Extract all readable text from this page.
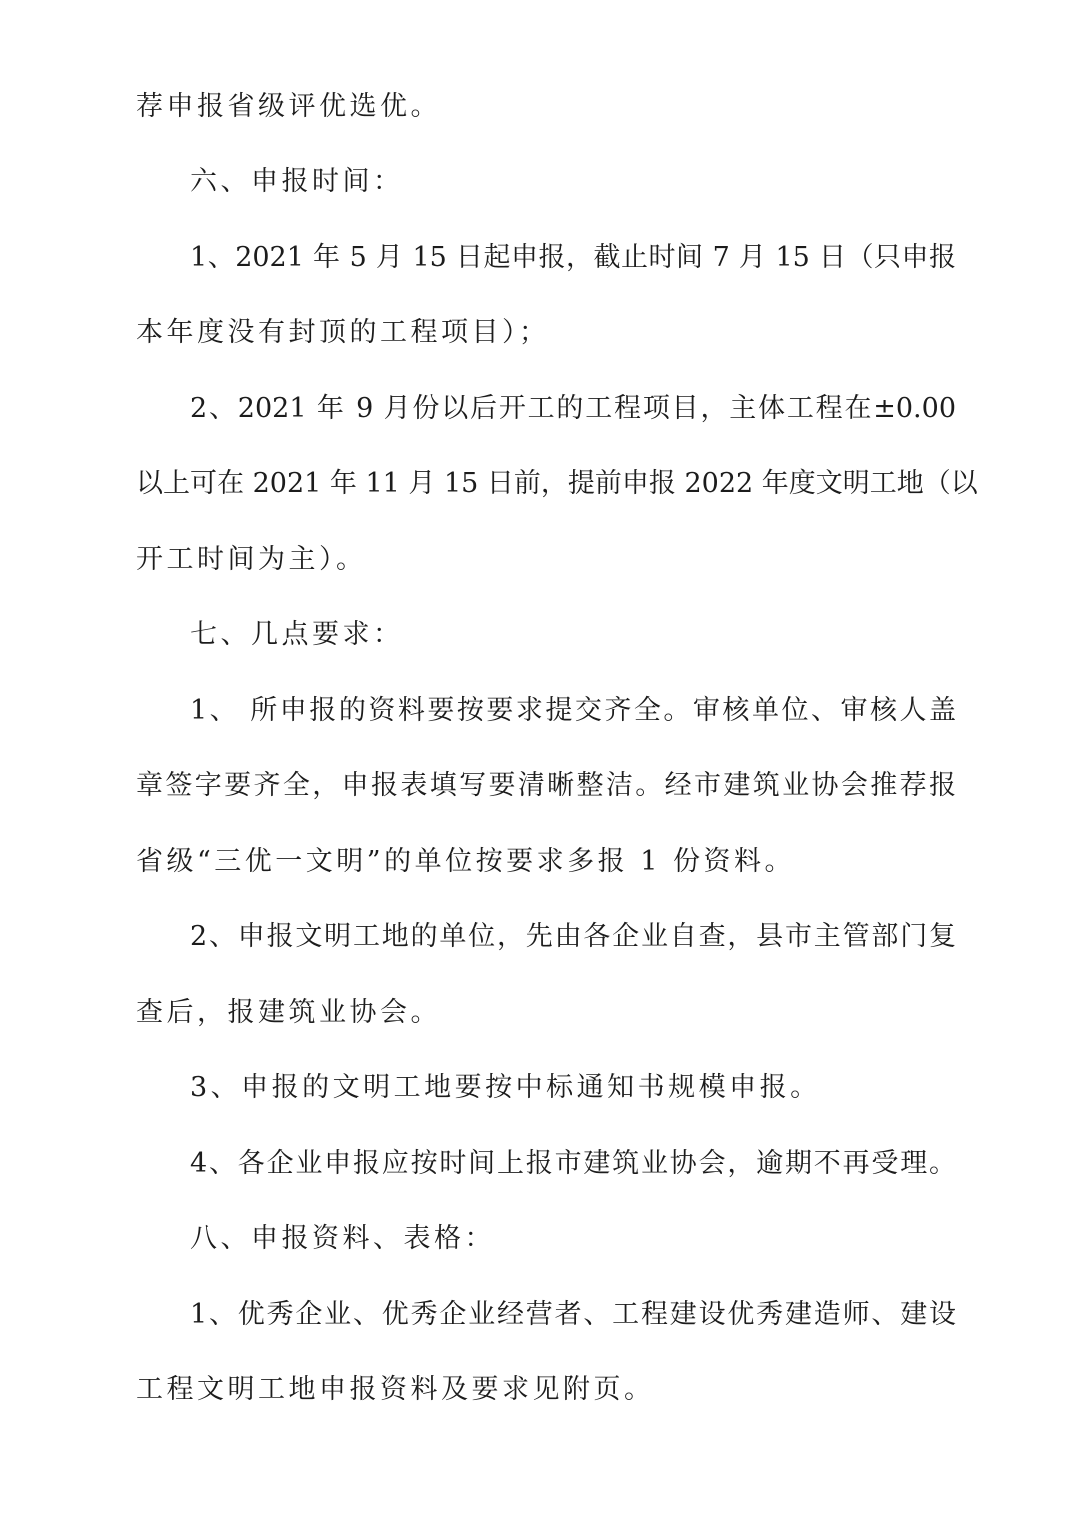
荐申报省级评优选优。
六、申报时间：
1、2021 年 5 月 15 日起申报，截止时间 7 月 15 日（只申报
本年度没有封顶的工程项目）；
2、2021 年 9 月份以后开工的工程项目，主体工程在±0.00
以上可在 2021 年 11 月 15 日前，提前申报 2022 年度文明工地（以
开工时间为主）。
七、几点要求：
1、 所申报的资料要按要求提交齐全。审核单位、审核人盖
章签字要齐全，申报表填写要清晰整洁。经市建筑业协会推荐报
省级“三优一文明”的单位按要求多报 1 份资料。
2、申报文明工地的单位，先由各企业自查，县市主管部门复
查后，报建筑业协会。
3、申报的文明工地要按中标通知书规模申报。
4、各企业申报应按时间上报市建筑业协会，逾期不再受理。
八、申报资料、表格：
1、优秀企业、优秀企业经营者、工程建设优秀建造师、建设
工程文明工地申报资料及要求见附页。
